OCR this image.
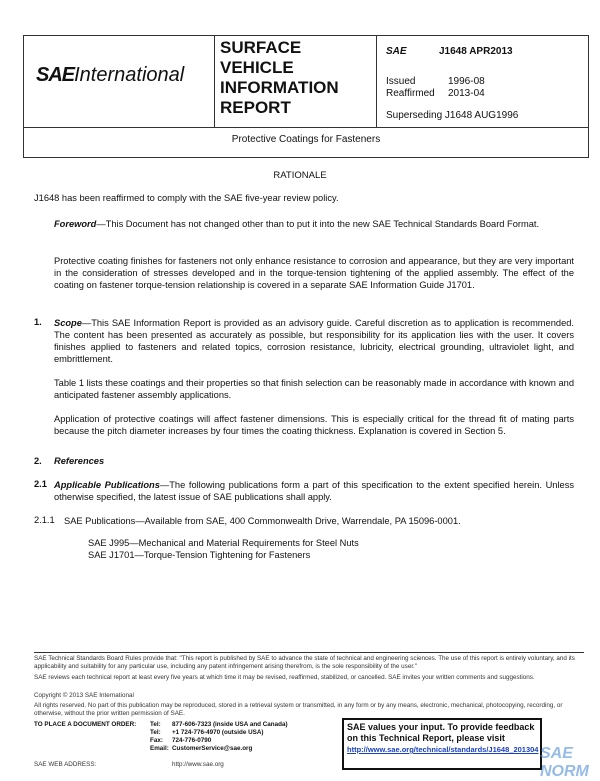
SAEInternational
SURFACE
VEHICLE
INFORMATION
REPORT
SAE	J1648 APR2013
Issued	1996-08
Reaffirmed 2013-04
Superseding J1648 AUG1996
Protective Coatings for Fasteners
RATIONALE
J1648 has been reaffirmed to comply with the SAE five-year review policy.
Foreword—This Document has not changed other than to put it into the new SAE Technical Standards Board Format.
Protective coating finishes for fasteners not only enhance resistance to corrosion and appearance, but they are very important in the consideration of stresses developed and in the torque-tension tightening of the applied assembly. The effect of the coating on fastener torque-tension relationship is covered in a separate SAE Information Guide J1701.
1. Scope—This SAE Information Report is provided as an advisory guide. Careful discretion as to application is recommended. The content has been presented as accurately as possible, but responsibility for its application lies with the user. It covers finishes applied to fasteners and related topics, corrosion resistance, lubricity, electrical grounding, ultraviolet light, and embrittlement.
Table 1 lists these coatings and their properties so that finish selection can be reasonably made in accordance with known and anticipated fastener assembly applications.
Application of protective coatings will affect fastener dimensions. This is especially critical for the thread fit of mating parts because the pitch diameter increases by four times the coating thickness. Explanation is covered in Section 5.
2. References
2.1 Applicable Publications—The following publications form a part of this specification to the extent specified herein. Unless otherwise specified, the latest issue of SAE publications shall apply.
2.1.1 SAE Publications—Available from SAE, 400 Commonwealth Drive, Warrendale, PA 15096-0001.
SAE J995—Mechanical and Material Requirements for Steel Nuts
SAE J1701—Torque-Tension Tightening for Fasteners
SAE Technical Standards Board Rules provide that: "This report is published by SAE to advance the state of technical and engineering sciences. The use of this report is entirely voluntary, and its applicability and suitability for any particular use, including any patent infringement arising therefrom, is the sole responsibility of the user."
SAE reviews each technical report at least every five years at which time it may be revised, reaffirmed, stabilized, or cancelled. SAE invites your written comments and suggestions.
Copyright © 2013 SAE International
All rights reserved. No part of this publication may be reproduced, stored in a retrieval system or transmitted, in any form or by any means, electronic, mechanical, photocopying, recording, or otherwise, without the prior written permission of SAE.
TO PLACE A DOCUMENT ORDER:	Tel: 877-606-7323 (inside USA and Canada)
Tel: +1 724-776-4970 (outside USA)
Fax: 724-776-0790
Email: CustomerService@sae.org
SAE WEB ADDRESS:	http://www.sae.org
SAE values your input. To provide feedback on this Technical Report, please visit
http://www.sae.org/technical/standards/J1648_201304 SAE NORM
